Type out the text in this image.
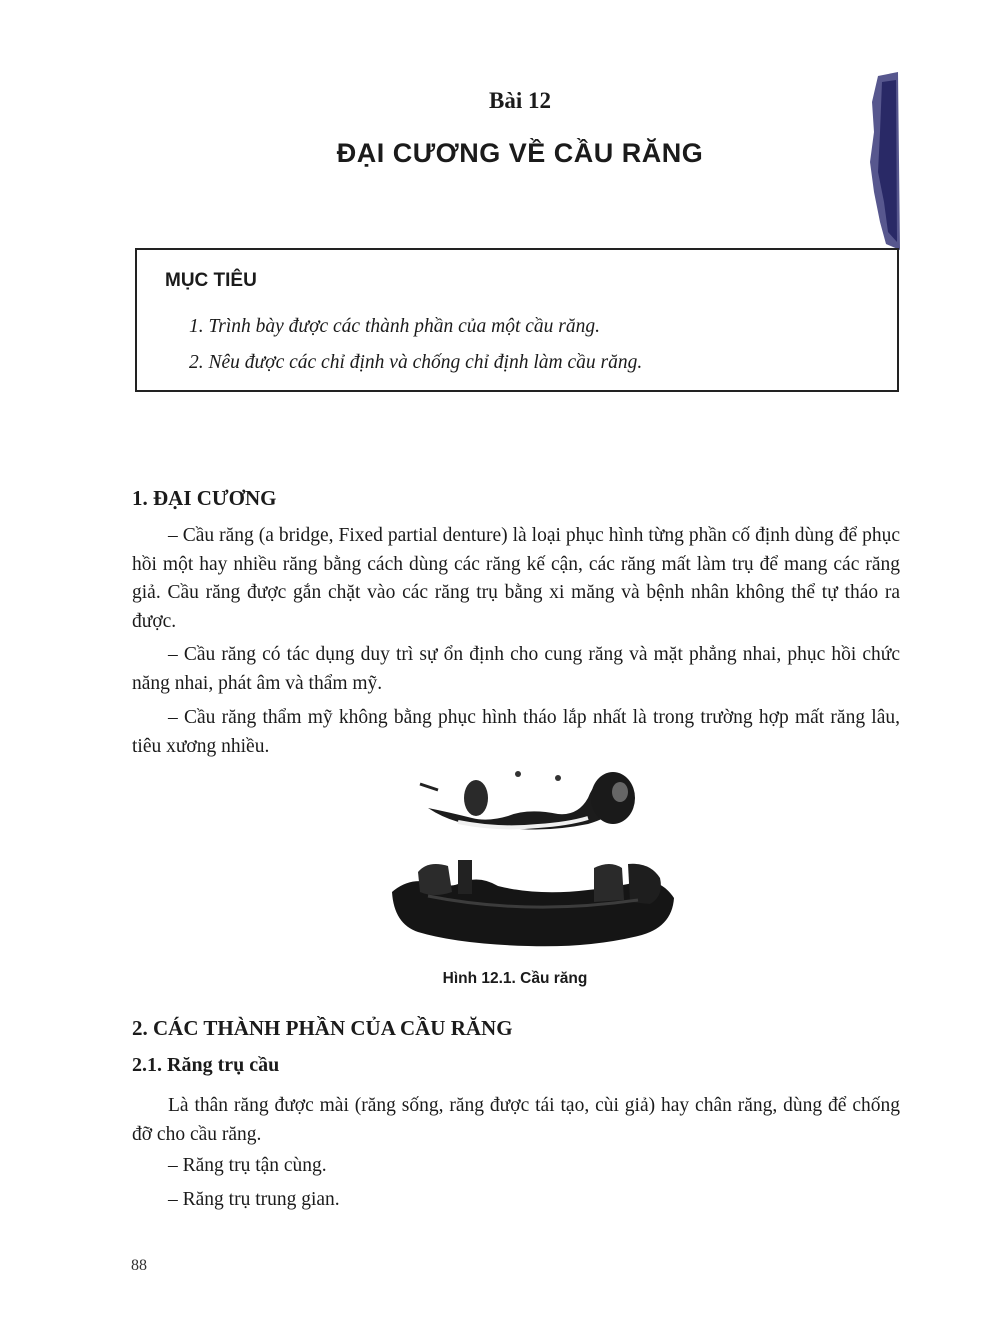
Bài 12
ĐẠI CƯƠNG VỀ CẦU RĂNG
MỤC TIÊU
1. Trình bày được các thành phần của một cầu răng.
2. Nêu được các chỉ định và chống chỉ định làm cầu răng.
1. ĐẠI CƯƠNG
– Cầu răng (a bridge, Fixed partial denture) là loại phục hình từng phần cố định dùng để phục hồi một hay nhiều răng bằng cách dùng các răng kế cận, các răng mất làm trụ để mang các răng giả. Cầu răng được gắn chặt vào các răng trụ bằng xi măng và bệnh nhân không thể tự tháo ra được.
– Cầu răng có tác dụng duy trì sự ổn định cho cung răng và mặt phẳng nhai, phục hồi chức năng nhai, phát âm và thẩm mỹ.
– Cầu răng thẩm mỹ không bằng phục hình tháo lắp nhất là trong trường hợp mất răng lâu, tiêu xương nhiều.
Hình 12.1. Cầu răng
2. CÁC THÀNH PHẦN CỦA CẦU RĂNG
2.1. Răng trụ cầu
Là thân răng được mài (răng sống, răng được tái tạo, cùi giả) hay chân răng, dùng để chống đỡ cho cầu răng.
– Răng trụ tận cùng.
– Răng trụ trung gian.
88
